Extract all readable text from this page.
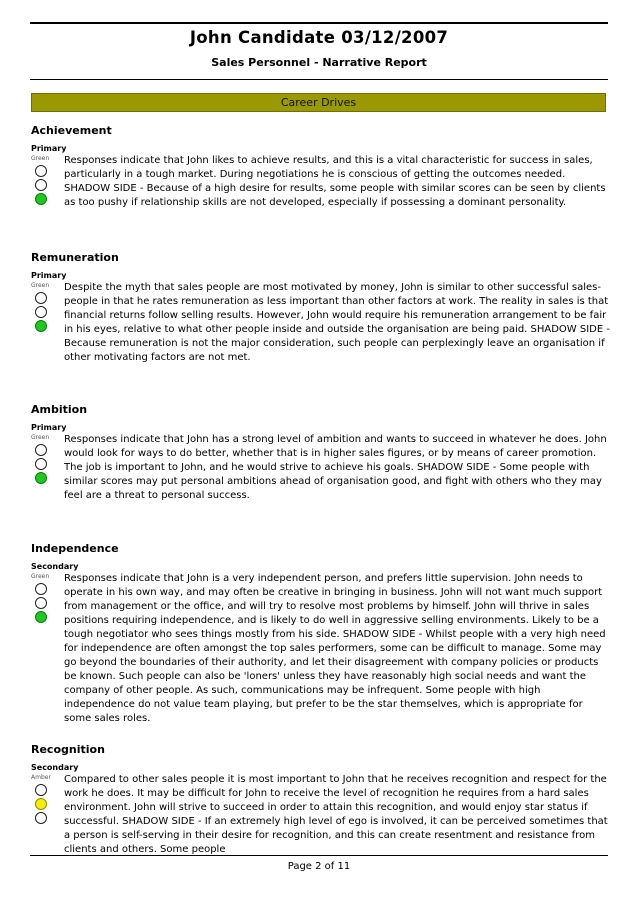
John Candidate 03/12/2007
Sales Personnel - Narrative Report
Career Drives
Achievement
Primary
Green	Responses indicate that John likes to achieve results, and this is a vital characteristic for success in sales, particularly in a tough market. During negotiations he is conscious of getting the outcomes needed. SHADOW SIDE - Because of a high desire for results, some people with similar scores can be seen by clients as too pushy if relationship skills are not developed, especially if possessing a dominant personality.
Remuneration
Primary
Green	Despite the myth that sales people are most motivated by money, John is similar to other successful sales-people in that he rates remuneration as less important than other factors at work. The reality in sales is that financial returns follow selling results. However, John would require his remuneration arrangement to be fair in his eyes, relative to what other people inside and outside the organisation are being paid. SHADOW SIDE - Because remuneration is not the major consideration, such people can perplexingly leave an organisation if other motivating factors are not met.
Ambition
Primary
Green	Responses indicate that John has a strong level of ambition and wants to succeed in whatever he does. John would look for ways to do better, whether that is in higher sales figures, or by means of career promotion. The job is important to John, and he would strive to achieve his goals. SHADOW SIDE - Some people with similar scores may put personal ambitions ahead of organisation good, and fight with others who they may feel are a threat to personal success.
Independence
Secondary
Green	Responses indicate that John is a very independent person, and prefers little supervision. John needs to operate in his own way, and may often be creative in bringing in business. John will not want much support from management or the office, and will try to resolve most problems by himself. John will thrive in sales positions requiring independence, and is likely to do well in aggressive selling environments. Likely to be a tough negotiator who sees things mostly from his side. SHADOW SIDE - Whilst people with a very high need for independence are often amongst the top sales performers, some can be difficult to manage. Some may go beyond the boundaries of their authority, and let their disagreement with company policies or products be known. Such people can also be 'loners' unless they have reasonably high social needs and want the company of other people. As such, communications may be infrequent. Some people with high independence do not value team playing, but prefer to be the star themselves, which is appropriate for some sales roles.
Recognition
Secondary
Amber Compared to other sales people it is most important to John that he receives recognition and respect for the work he does. It may be difficult for John to receive the level of recognition he requires from a hard sales environment. John will strive to succeed in order to attain this recognition, and would enjoy star status if successful. SHADOW SIDE - If an extremely high level of ego is involved, it can be perceived sometimes that a person is self-serving in their desire for recognition, and this can create resentment and resistance from clients and others. Some people
Page 2 of 11
